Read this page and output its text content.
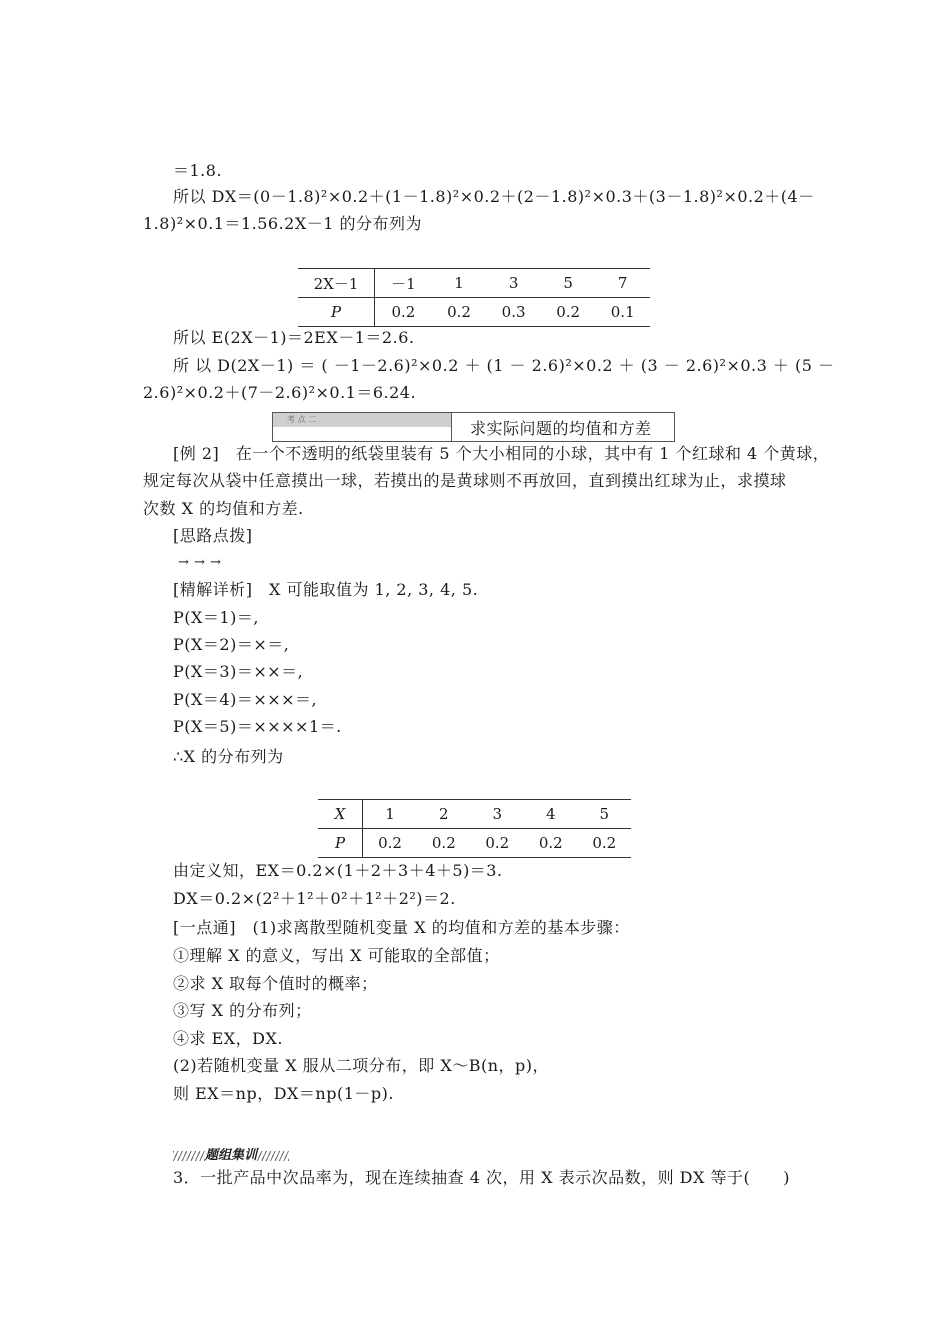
＝1.8.
所以 DX＝(0－1.8)²×0.2＋(1－1.8)²×0.2＋(2－1.8)²×0.3＋(3－1.8)²×0.2＋(4－
1.8)²×0.1＝1.56.2X－1 的分布列为
2X－1	－1	1	3	5	7
P	0.2	0.2	0.3	0.2	0.1
所以 E(2X－1)＝2EX－1＝2.6.
所 以 D(2X－1) ＝ ( －1－2.6)²×0.2 ＋ (1 － 2.6)²×0.2 ＋ (3 － 2.6)²×0.3 ＋ (5 －
2.6)²×0.2＋(7－2.6)²×0.1＝6.24.
考 点 二	求实际问题的均值和方差
[例 2]　在一个不透明的纸袋里装有 5 个大小相同的小球，其中有 1 个红球和 4 个黄球，
规定每次从袋中任意摸出一球，若摸出的是黄球则不再放回，直到摸出红球为止，求摸球
次数 X 的均值和方差.
[思路点拨]
→ → →
[精解详析]　X 可能取值为 1, 2, 3, 4, 5.
P(X＝1)＝,
P(X＝2)＝×＝,
P(X＝3)＝××＝,
P(X＝4)＝×××＝,
P(X＝5)＝××××1＝.
∴X 的分布列为
X	1	2	3	4	5
P	0.2	0.2	0.2	0.2	0.2
由定义知，EX＝0.2×(1＋2＋3＋4＋5)＝3.
DX＝0.2×(2²＋1²＋0²＋1²＋2²)＝2.
[一点通]　(1)求离散型随机变量 X 的均值和方差的基本步骤：
①理解 X 的意义，写出 X 可能取的全部值；
②求 X 取每个值时的概率；
③写 X 的分布列；
④求 EX，DX.
(2)若随机变量 X 服从二项分布，即 X～B(n，p)，
则 EX＝np，DX＝np(1－p).
题组集训
3．一批产品中次品率为，现在连续抽查 4 次，用 X 表示次品数，则 DX 等于(　　)
